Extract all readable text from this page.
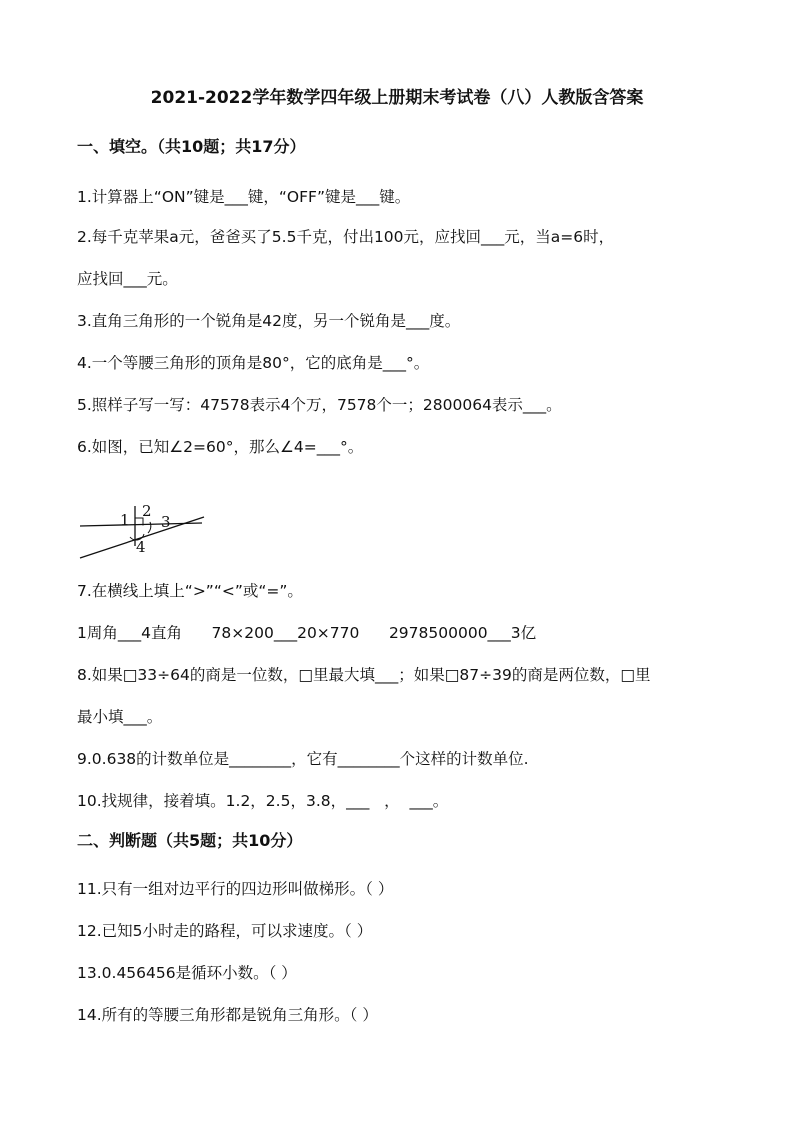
2021-2022学年数学四年级上册期末考试卷（八）人教版含答案
一、填空。（共10题；共17分）
1.计算器上“ON”键是___键，“OFF”键是___键。
2.每千克苹果a元，爸爸买了5.5千克，付出100元，应找回___元，当a=6时，
应找回___元。
3.直角三角形的一个锐角是42度，另一个锐角是___度。
4.一个等腰三角形的顶角是80°，它的底角是___°。
5.照样子写一写：47578表示4个万，7578个一；2800064表示___。
6.如图，已知∠2=60°，那么∠4=___°。
1 2
3
4
7.在横线上填上“>”“<”或“=”。
1周角___4直角      78×200___20×770      2978500000___3亿
8.如果□33÷64的商是一位数，□里最大填___；如果□87÷39的商是两位数，□里
最小填___。
9.0.638的计数单位是________，它有________个这样的计数单位.
10.找规律，接着填。1.2，2.5，3.8，___   ，  ___。
二、判断题（共5题；共10分）
11.只有一组对边平行的四边形叫做梯形。（ ）
12.已知5小时走的路程，可以求速度。（ ）
13.0.456456是循环小数。（ ）
14.所有的等腰三角形都是锐角三角形。（ ）
